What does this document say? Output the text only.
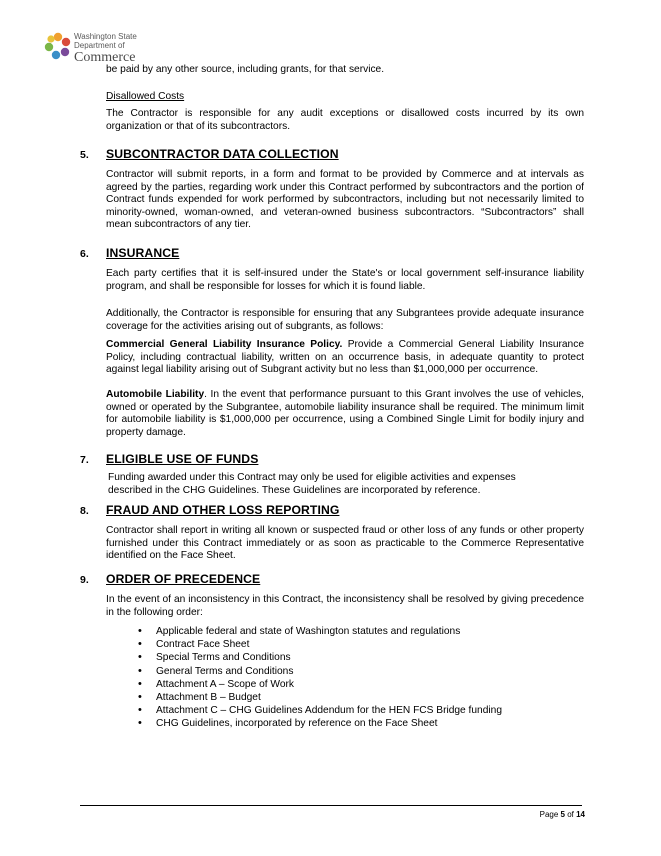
Washington State
Department of
Commerce

be paid by any other source, including grants, for that service.

Disallowed Costs

The Contractor is responsible for any audit exceptions or disallowed costs incurred by its own organization or that of its subcontractors.

5. SUBCONTRACTOR DATA COLLECTION

Contractor will submit reports, in a form and format to be provided by Commerce and at intervals as agreed by the parties, regarding work under this Contract performed by subcontractors and the portion of Contract funds expended for work performed by subcontractors, including but not necessarily limited to minority-owned, woman-owned, and veteran-owned business subcontractors. “Subcontractors” shall mean subcontractors of any tier.

6. INSURANCE

Each party certifies that it is self-insured under the State's or local government self-insurance liability program, and shall be responsible for losses for which it is found liable.

Additionally, the Contractor is responsible for ensuring that any Subgrantees provide adequate insurance coverage for the activities arising out of subgrants, as follows:

Commercial General Liability Insurance Policy. Provide a Commercial General Liability Insurance Policy, including contractual liability, written on an occurrence basis, in adequate quantity to protect against legal liability arising out of Subgrant activity but no less than $1,000,000 per occurrence.

Automobile Liability. In the event that performance pursuant to this Grant involves the use of vehicles, owned or operated by the Subgrantee, automobile liability insurance shall be required. The minimum limit for automobile liability is $1,000,000 per occurrence, using a Combined Single Limit for bodily injury and property damage.

7. ELIGIBLE USE OF FUNDS

Funding awarded under this Contract may only be used for eligible activities and expenses

described in the CHG Guidelines. These Guidelines are incorporated by reference.

8. FRAUD AND OTHER LOSS REPORTING

Contractor shall report in writing all known or suspected fraud or other loss of any funds or other property furnished under this Contract immediately or as soon as practicable to the Commerce Representative identified on the Face Sheet.

9. ORDER OF PRECEDENCE

In the event of an inconsistency in this Contract, the inconsistency shall be resolved by giving precedence in the following order:

• Applicable federal and state of Washington statutes and regulations
• Contract Face Sheet
• Special Terms and Conditions
• General Terms and Conditions
• Attachment A – Scope of Work
• Attachment B – Budget
• Attachment C – CHG Guidelines Addendum for the HEN FCS Bridge funding
• CHG Guidelines, incorporated by reference on the Face Sheet
Page 5 of 14
